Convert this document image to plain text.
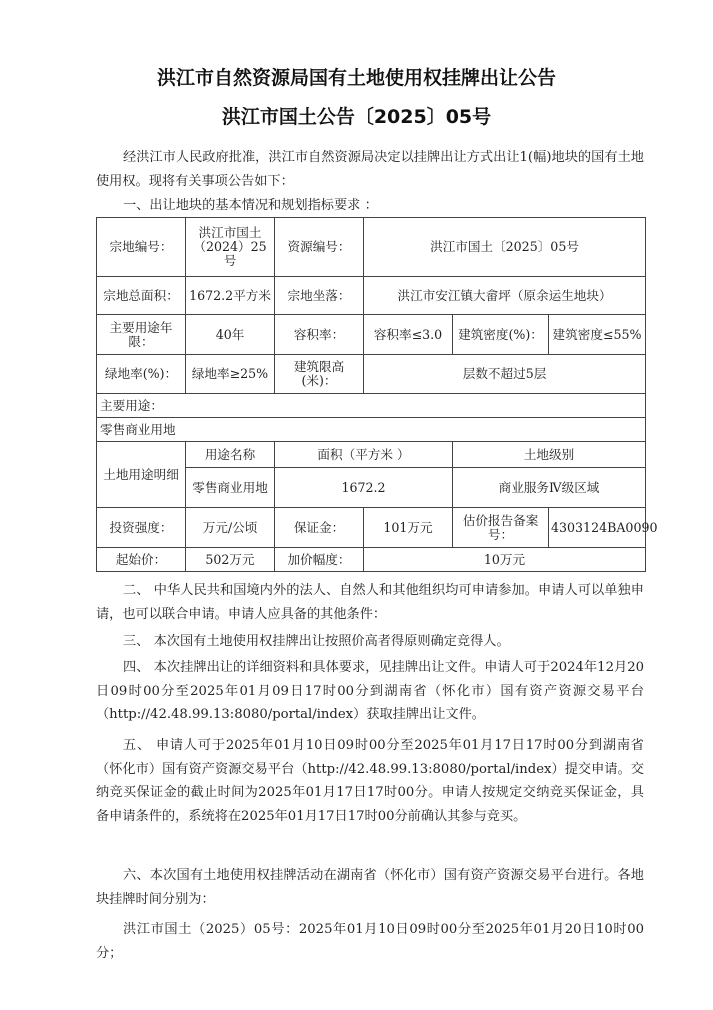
洪江市自然资源局国有土地使用权挂牌出让公告
洪江市国土公告〔2025〕05号

经洪江市人民政府批准，洪江市自然资源局决定以挂牌出让方式出让1(幅)地块的国有土地使用权。现将有关事项公告如下：

一、出让地块的基本情况和规划指标要求 ：

宗地编号：	洪江市国土（2024）25号	资源编号：	洪江市国土〔2025〕05号		
宗地总面积：	1672.2平方米	宗地坐落：	洪江市安江镇大畲坪（原余运生地块）		
主要用途年限：	40年	容积率：	容积率≤3.0	建筑密度(%)：	建筑密度≤55%
绿地率(%)：	绿地率≥25%	建筑限高(米)：	层数不超过5层		
主要用途：					
零售商业用地					
土地用途明细	用途名称	面积（平方米 ）		土地级别	
	零售商业用地	1672.2		商业服务Ⅳ级区域	
投资强度：	万元/公顷	保证金：	101万元	估价报告备案号：	4303124BA0090
起始价：	502万元	加价幅度：	10万元		

二、 中华人民共和国境内外的法人、自然人和其他组织均可申请参加。申请人可以单独申请，也可以联合申请。申请人应具备的其他条件：

三、 本次国有土地使用权挂牌出让按照价高者得原则确定竞得人。

四、 本次挂牌出让的详细资料和具体要求，见挂牌出让文件。申请人可于2024年12月20日09时00分至2025年01月09日17时00分到湖南省（怀化市）国有资产资源交易平台（http://42.48.99.13:8080/portal/index）获取挂牌出让文件。

五、 申请人可于2025年01月10日09时00分至2025年01月17日17时00分到湖南省（怀化市）国有资产资源交易平台（http://42.48.99.13:8080/portal/index）提交申请。交纳竞买保证金的截止时间为2025年01月17日17时00分。申请人按规定交纳竞买保证金，具备申请条件的，系统将在2025年01月17日17时00分前确认其参与竞买。

六、本次国有土地使用权挂牌活动在湖南省（怀化市）国有资产资源交易平台进行。各地块挂牌时间分别为：

洪江市国土（2025）05号：2025年01月10日09时00分至2025年01月20日10时00分；
